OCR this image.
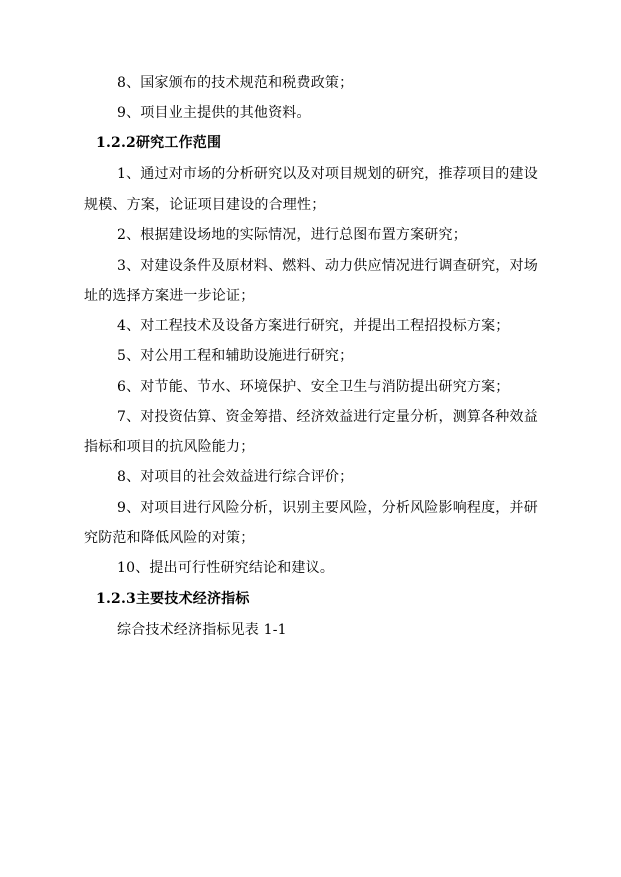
8、国家颁布的技术规范和税费政策；
9、项目业主提供的其他资料。
1.2.2研究工作范围
1、通过对市场的分析研究以及对项目规划的研究，推荐项目的建设
规模、方案，论证项目建设的合理性；
2、根据建设场地的实际情况，进行总图布置方案研究；
3、对建设条件及原材料、燃料、动力供应情况进行调查研究，对场
址的选择方案进一步论证；
4、对工程技术及设备方案进行研究，并提出工程招投标方案；
5、对公用工程和辅助设施进行研究；
6、对节能、节水、环境保护、安全卫生与消防提出研究方案；
7、对投资估算、资金筹措、经济效益进行定量分析，测算各种效益
指标和项目的抗风险能力；
8、对项目的社会效益进行综合评价；
9、对项目进行风险分析，识别主要风险，分析风险影响程度，并研
究防范和降低风险的对策；
10、提出可行性研究结论和建议。
1.2.3主要技术经济指标
综合技术经济指标见表 1-1
